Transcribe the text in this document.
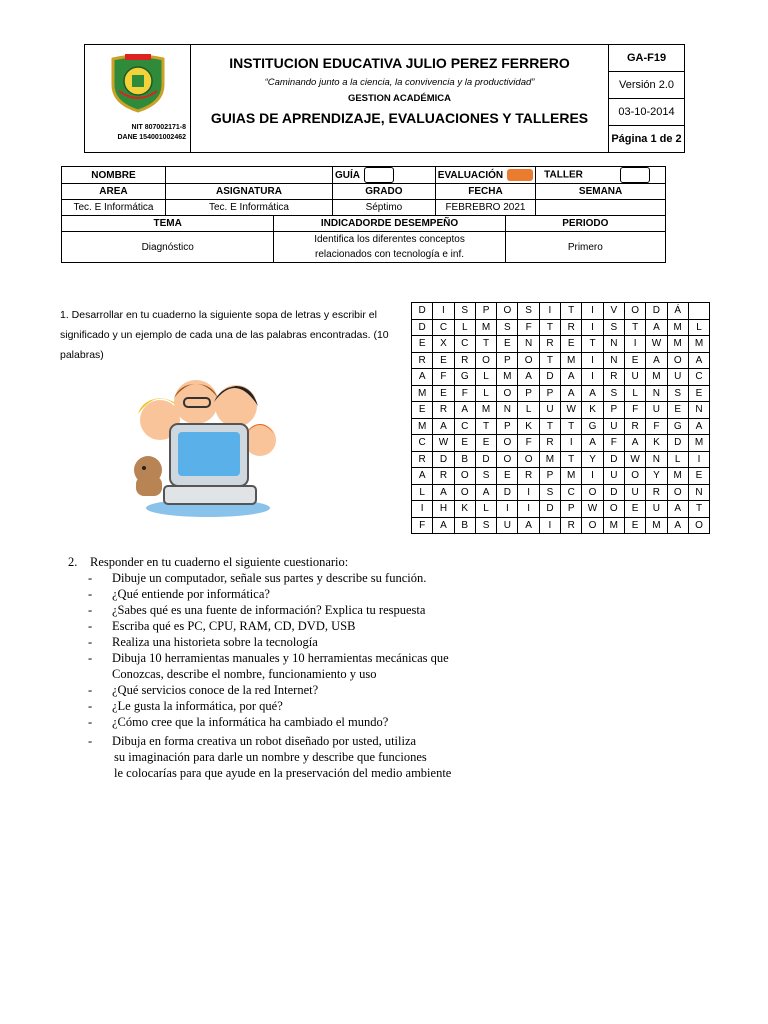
NIT 807002171-8
DANE 154001002462

INSTITUCION EDUCATIVA JULIO PEREZ FERRERO
“Caminando junto a la ciencia, la convivencia y la productividad”
GESTION ACADÉMICA
GUIAS DE APRENDIZAJE, EVALUACIONES Y TALLERES
	GA-F19
Versión 2.0
03-10-2014
Página 1 de 2
NOMBRE			GUÍA		EVALUACIÓN		TALLER
AREA	ASIGNATURA		GRADO		FECHA		SEMANA
Tec. E Informática	Tec. E Informática		Séptimo		FEBREBRO 2021		
TEMA		INDICADORDE DESEMPEÑO				PERIODO	
Diagnóstico		Identifica los diferentes conceptos
relacionados con tecnología e inf.				Primero	
1. Desarrollar en tu cuaderno la siguiente sopa de letras y escribir el significado y un ejemplo de cada una de las palabras encontradas. (10 palabras)
D	I	S	P	O	S	I	T	I	V	O	D	Á	
D	C	L	M	S	F	T	R	I	S	T	A	M	L
E	X	C	T	E	N	R	E	T	N	I	W	M	M
R	E	R	O	P	O	T	M	I	N	E	A	O	A
A	F	G	L	M	A	D	A	I	R	U	M	U	C
M	E	F	L	O	P	P	A	A	S	L	N	S	E
E	R	A	M	N	L	U	W	K	P	F	U	E	N
M	A	C	T	P	K	T	T	G	U	R	F	G	A
C	W	E	E	O	F	R	I	A	F	A	K	D	M
R	D	B	D	O	O	M	T	Y	D	W	N	L	I
A	R	O	S	E	R	P	M	I	U	O	Y	M	E
L	A	O	A	D	I	S	C	O	D	U	R	O	N
I	H	K	L	I	I	D	P	W	O	E	U	A	T
F	A	B	S	U	A	I	R	O	M	E	M	A	O
2. Responder en tu cuaderno el siguiente cuestionario:
-	Dibuje un computador, señale sus partes y describe su función.
-	¿Qué entiende por informática?
-	¿Sabes qué es una fuente de información? Explica tu respuesta
-	Escriba qué es PC, CPU, RAM, CD, DVD, USB
-	Realiza una historieta sobre la tecnología
-	Dibuja 10 herramientas manuales y 10 herramientas mecánicas que
Conozcas, describe el nombre, funcionamiento y uso
-	¿Qué servicios conoce de la red Internet?
-	¿Le gusta la informática, por qué?
-	¿Cómo cree que la informática ha cambiado el mundo?
-	Dibuja en forma creativa un robot diseñado por usted, utiliza
su imaginación para darle un nombre y describe que funciones
le colocarías para que ayude en la preservación del medio ambiente
